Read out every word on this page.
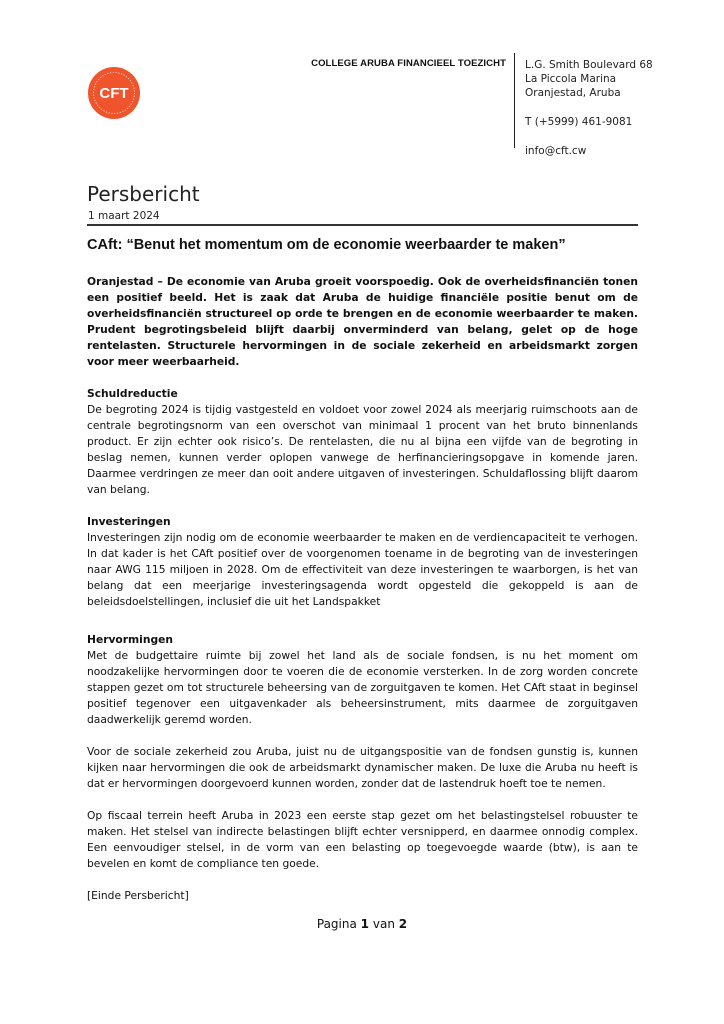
CFT
COLLEGE ARUBA FINANCIEEL TOEZICHT L.G. Smith Boulevard 68
La Piccola Marina
Oranjestad, Aruba
T (+5999) 461-9081
info@cft.cw
Persbericht
1 maart 2024
CAft: “Benut het momentum om de economie weerbaarder te maken”

Oranjestad – De economie van Aruba groeit voorspoedig. Ook de overheidsfinanciën tonen een positief beeld. Het is zaak dat Aruba de huidige financiële positie benut om de overheidsfinanciën structureel op orde te brengen en de economie weerbaarder te maken. Prudent begrotingsbeleid blijft daarbij onverminderd van belang, gelet op de hoge rentelasten. Structurele hervormingen in de sociale zekerheid en arbeidsmarkt zorgen voor meer weerbaarheid.

Schuldreductie

De begroting 2024 is tijdig vastgesteld en voldoet voor zowel 2024 als meerjarig ruimschoots aan de centrale begrotingsnorm van een overschot van minimaal 1 procent van het bruto binnenlands product. Er zijn echter ook risico’s. De rentelasten, die nu al bijna een vijfde van de begroting in beslag nemen, kunnen verder oplopen vanwege de herfinancieringsopgave in komende jaren. Daarmee verdringen ze meer dan ooit andere uitgaven of investeringen. Schuldaflossing blijft daarom van belang.

Investeringen

Investeringen zijn nodig om de economie weerbaarder te maken en de verdiencapaciteit te verhogen. In dat kader is het CAft positief over de voorgenomen toename in de begroting van de investeringen naar AWG 115 miljoen in 2028. Om de effectiviteit van deze investeringen te waarborgen, is het van belang dat een meerjarige investeringsagenda wordt opgesteld die gekoppeld is aan de beleidsdoelstellingen, inclusief die uit het Landspakket

Hervormingen

Met de budgettaire ruimte bij zowel het land als de sociale fondsen, is nu het moment om noodzakelijke hervormingen door te voeren die de economie versterken. In de zorg worden concrete stappen gezet om tot structurele beheersing van de zorguitgaven te komen. Het CAft staat in beginsel positief tegenover een uitgavenkader als beheersinstrument, mits daarmee de zorguitgaven daadwerkelijk geremd worden.

Voor de sociale zekerheid zou Aruba, juist nu de uitgangspositie van de fondsen gunstig is, kunnen kijken naar hervormingen die ook de arbeidsmarkt dynamischer maken. De luxe die Aruba nu heeft is dat er hervormingen doorgevoerd kunnen worden, zonder dat de lastendruk hoeft toe te nemen.

Op fiscaal terrein heeft Aruba in 2023 een eerste stap gezet om het belastingstelsel robuuster te maken. Het stelsel van indirecte belastingen blijft echter versnipperd, en daarmee onnodig complex. Een eenvoudiger stelsel, in de vorm van een belasting op toegevoegde waarde (btw), is aan te bevelen en komt de compliance ten goede.

[Einde Persbericht]

Pagina 1 van 2
